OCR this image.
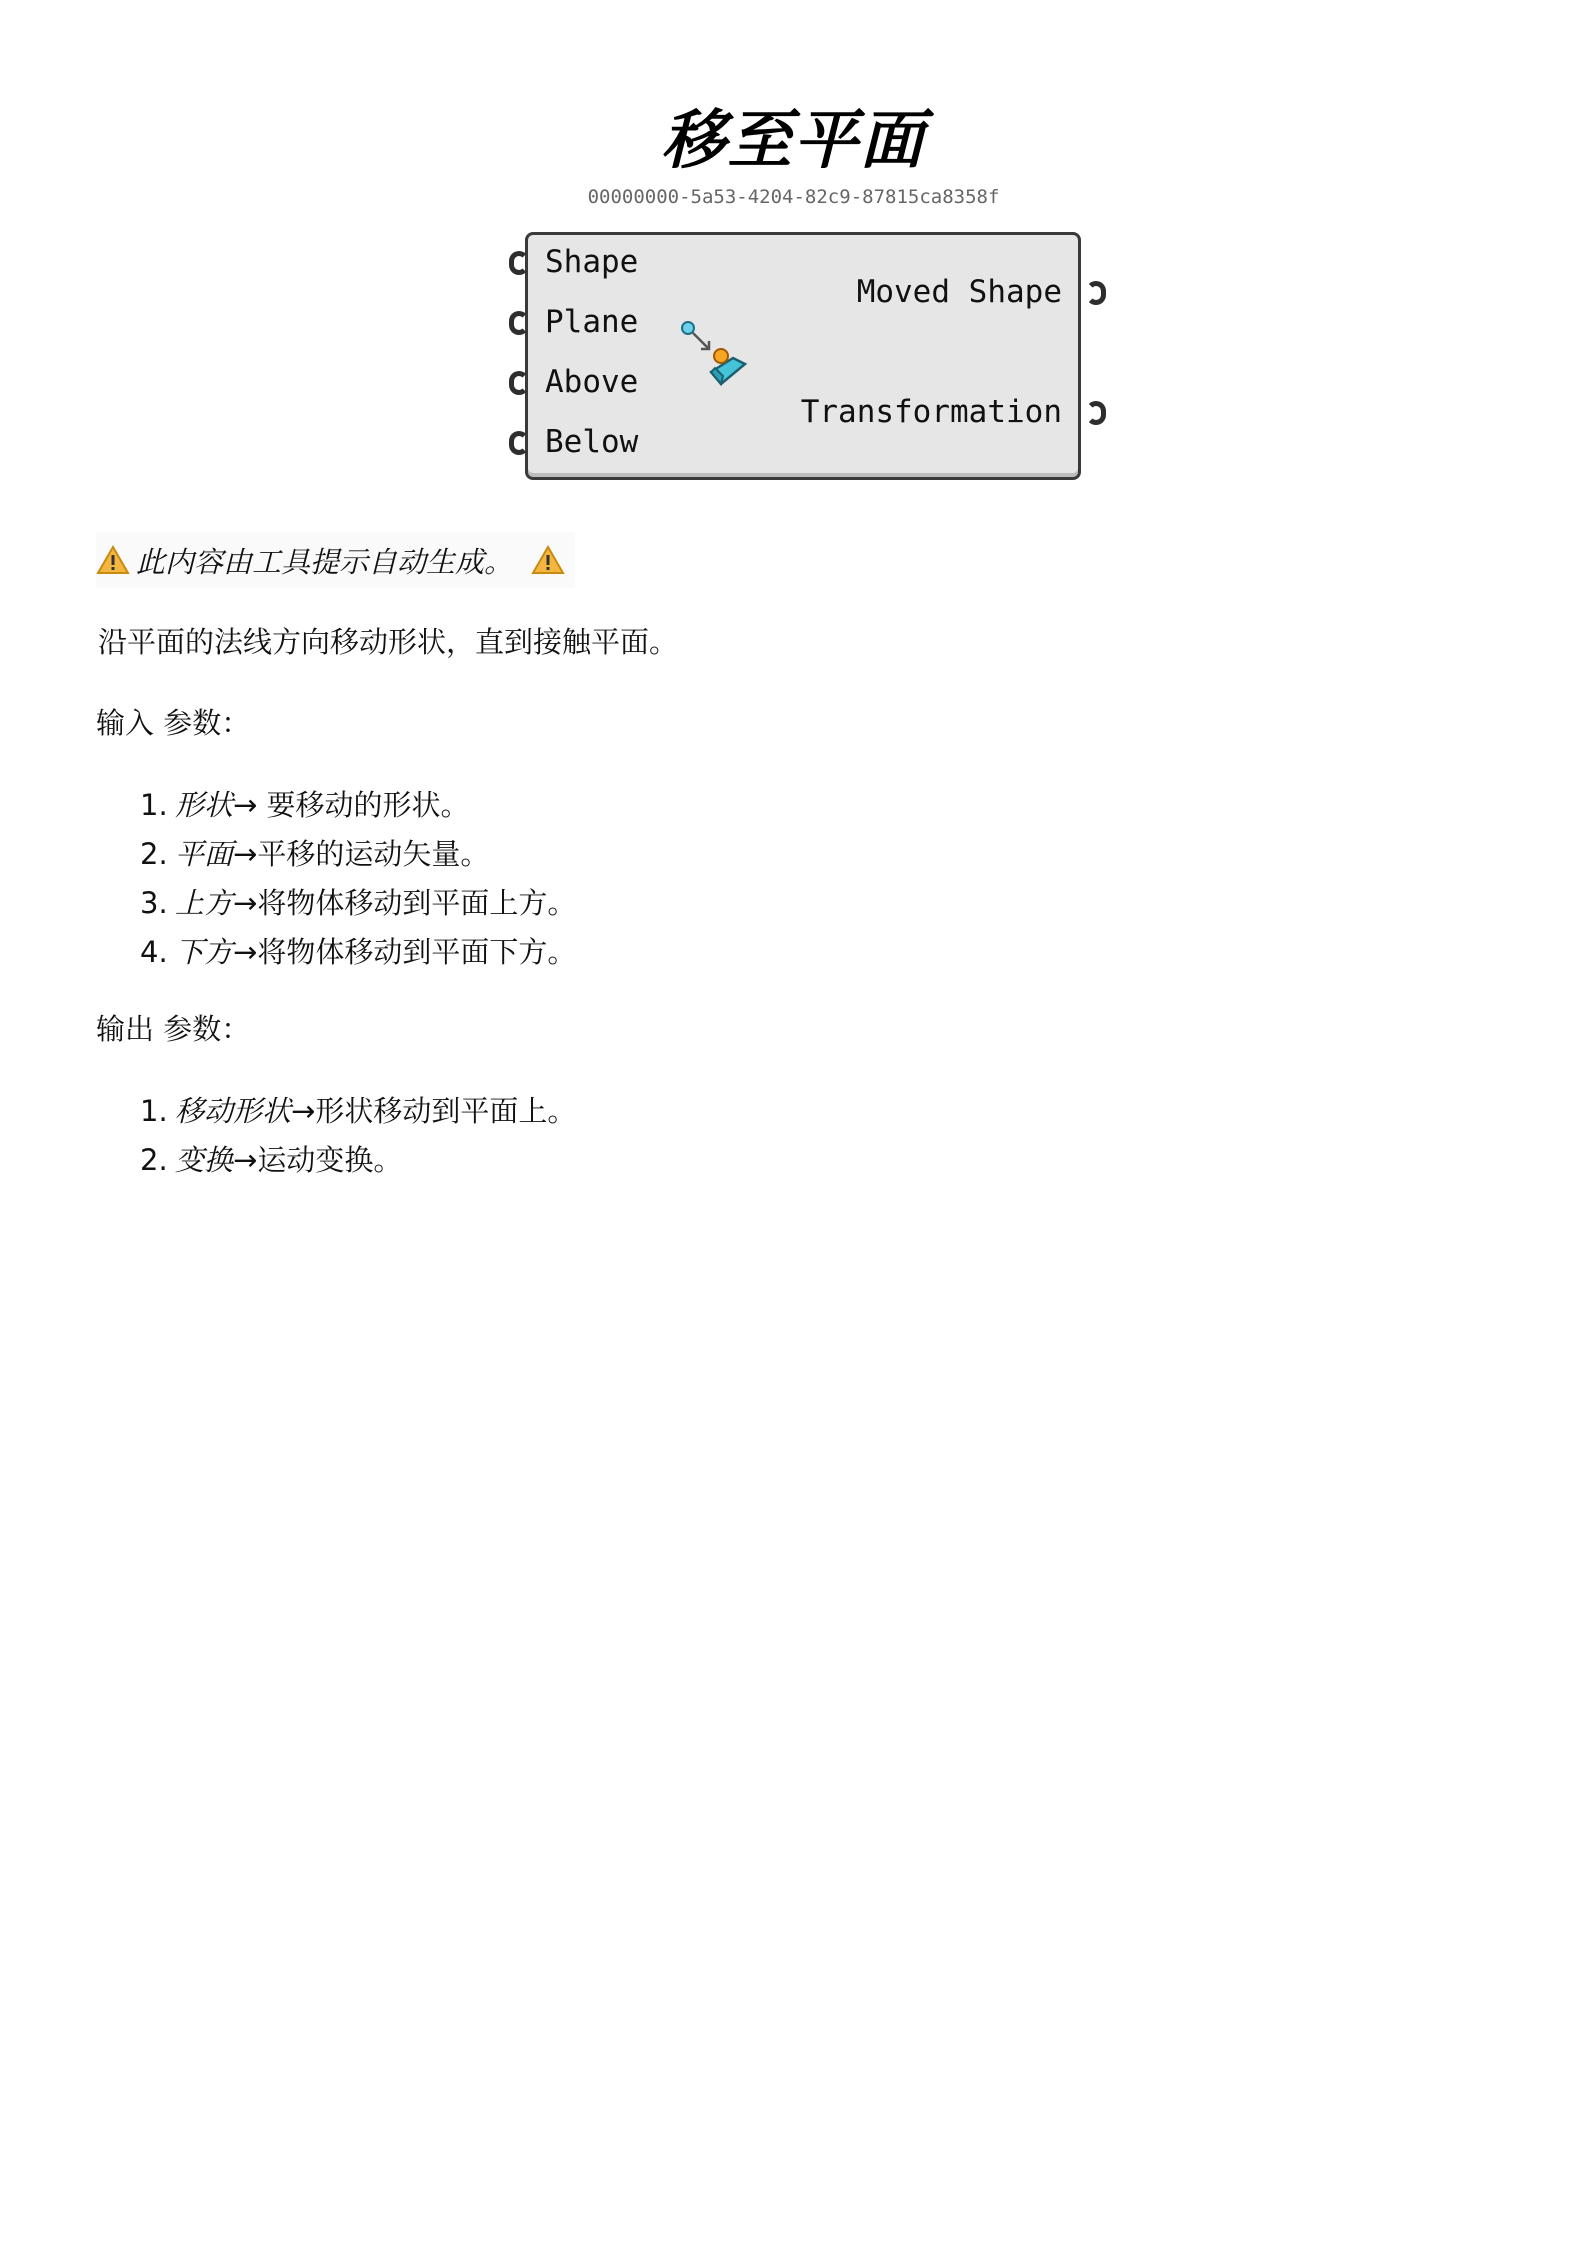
移至平面
00000000-5a53-4204-82c9-87815ca8358f
Shape
Plane
Above
Below
Moved Shape
Transformation
此内容由工具提示自动生成。
沿平面的法线方向移动形状，直到接触平面。
输入 参数：
1. 形状→ 要移动的形状。
2. 平面→平移的运动矢量。
3. 上方→将物体移动到平面上方。
4. 下方→将物体移动到平面下方。
输出 参数：
1. 移动形状→形状移动到平面上。
2. 变换→运动变换。
